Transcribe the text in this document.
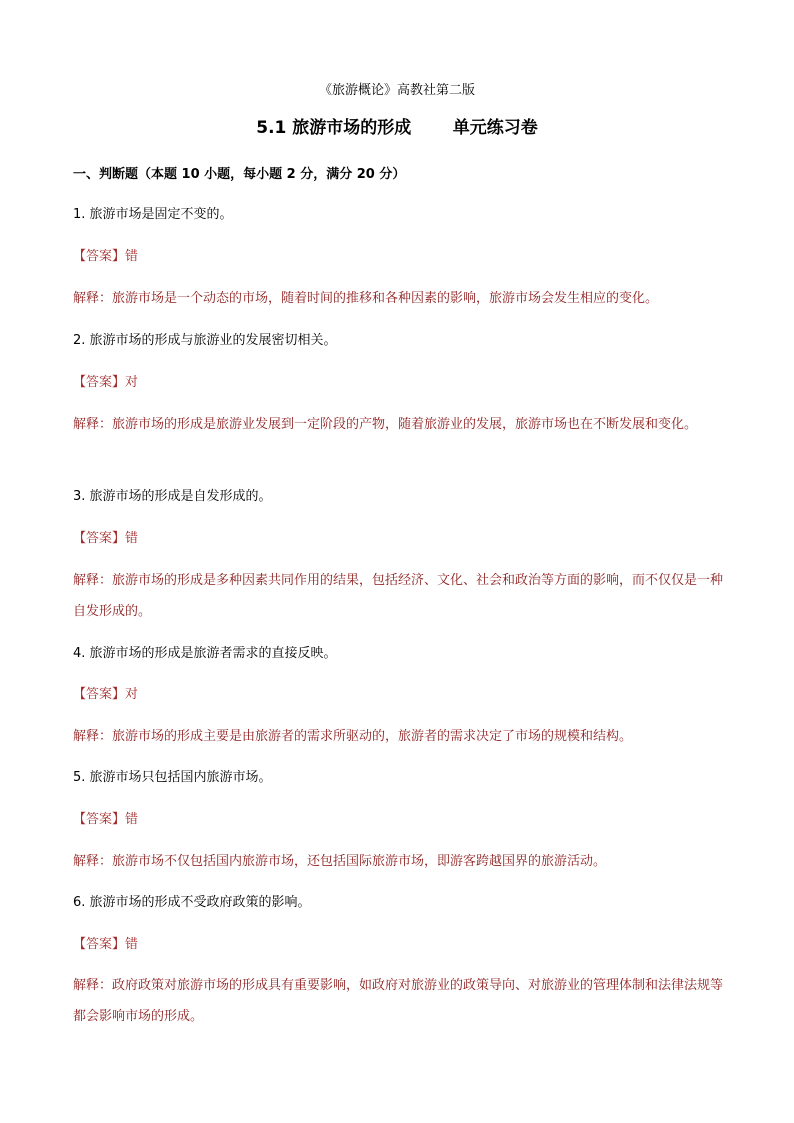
《旅游概论》高教社第二版
5.1 旅游市场的形成       单元练习卷
一、判断题（本题 10 小题，每小题 2 分，满分 20 分）
1. 旅游市场是固定不变的。
【答案】错
解释：旅游市场是一个动态的市场，随着时间的推移和各种因素的影响，旅游市场会发生相应的变化。
2. 旅游市场的形成与旅游业的发展密切相关。
【答案】对
解释：旅游市场的形成是旅游业发展到一定阶段的产物，随着旅游业的发展，旅游市场也在不断发展和变化。
3. 旅游市场的形成是自发形成的。
【答案】错
解释：旅游市场的形成是多种因素共同作用的结果，包括经济、文化、社会和政治等方面的影响，而不仅仅是一种自发形成的。
4. 旅游市场的形成是旅游者需求的直接反映。
【答案】对
解释：旅游市场的形成主要是由旅游者的需求所驱动的，旅游者的需求决定了市场的规模和结构。
5. 旅游市场只包括国内旅游市场。
【答案】错
解释：旅游市场不仅包括国内旅游市场，还包括国际旅游市场，即游客跨越国界的旅游活动。
6. 旅游市场的形成不受政府政策的影响。
【答案】错
解释：政府政策对旅游市场的形成具有重要影响，如政府对旅游业的政策导向、对旅游业的管理体制和法律法规等都会影响市场的形成。
